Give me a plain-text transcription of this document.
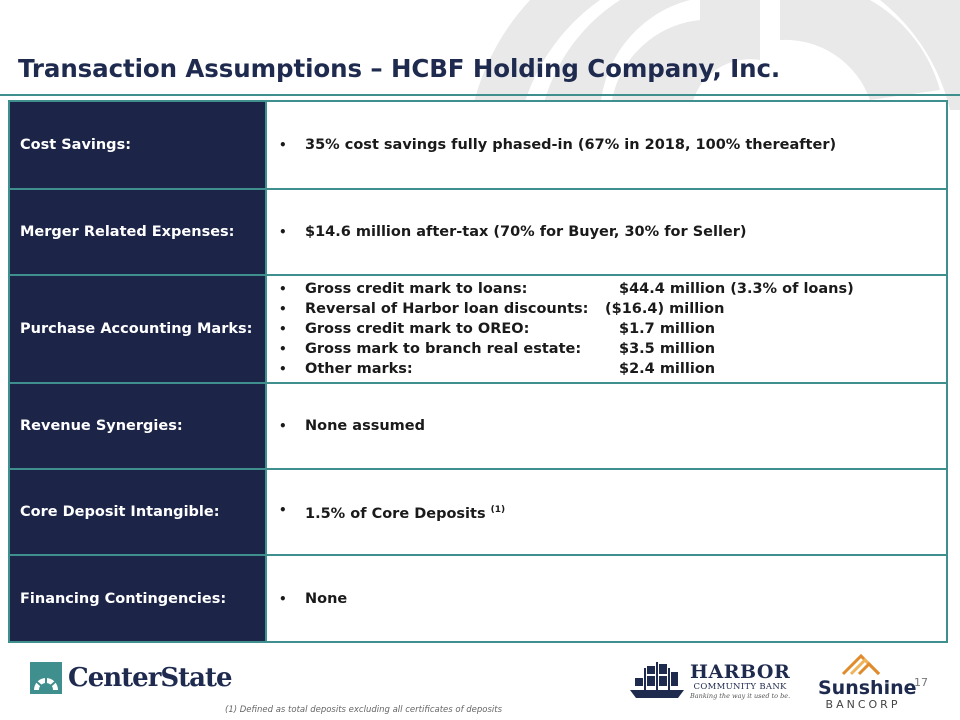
Transaction Assumptions – HCBF Holding Company, Inc.
Cost Savings:	• 35% cost savings fully phased-in (67% in 2018, 100% thereafter)
Merger Related Expenses:	• $14.6 million after-tax (70% for Buyer, 30% for Seller)
Purchase Accounting Marks:
• Gross credit mark to loans:	$44.4 million (3.3% of loans)
• Reversal of Harbor loan discounts:	($16.4) million
• Gross credit mark to OREO:	$1.7 million
• Gross mark to branch real estate:	$3.5 million
• Other marks:	$2.4 million
Revenue Synergies:	• None assumed
Core Deposit Intangible:	• 1.5% of Core Deposits $^{(1)}$
Financing Contingencies:	• None
CenterState
(1) Defined as total deposits excluding all certificates of deposits
HARBOR
COMMUNITY BANK
Banking the way it used to be. Sunshine
BANCORP
17
